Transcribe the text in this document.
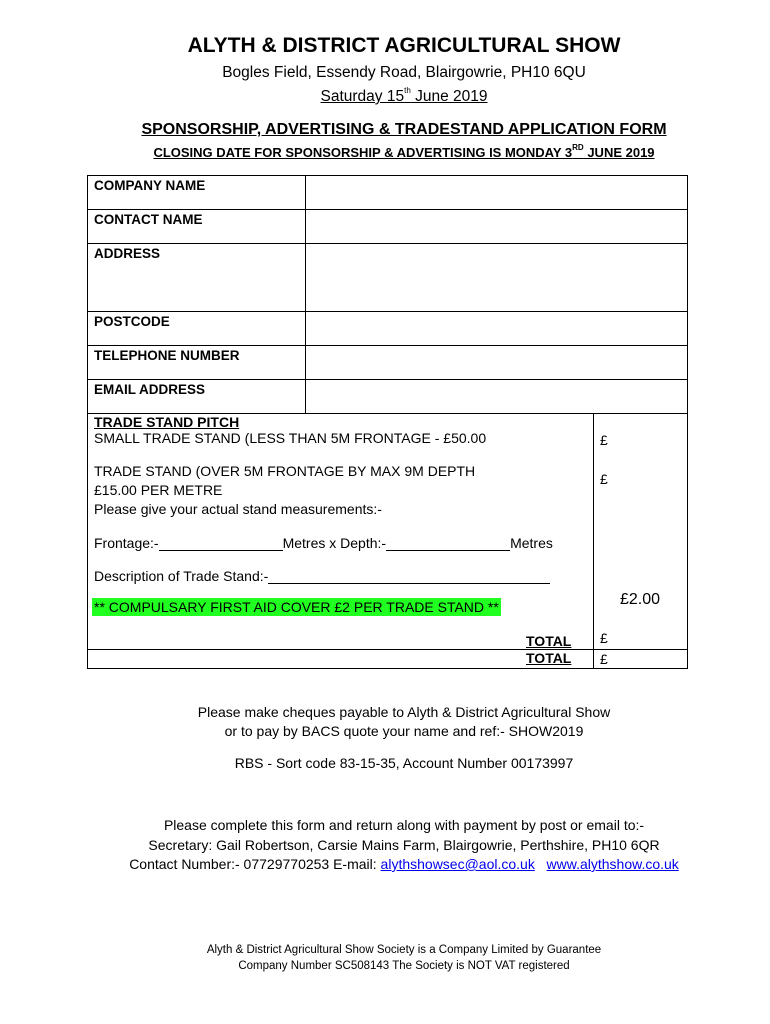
ALYTH & DISTRICT AGRICULTURAL SHOW
Bogles Field, Essendy Road, Blairgowrie, PH10 6QU
Saturday 15th June 2019
SPONSORSHIP, ADVERTISING & TRADESTAND APPLICATION FORM
CLOSING DATE FOR SPONSORSHIP & ADVERTISING IS MONDAY 3RD JUNE 2019
COMPANY NAME	
CONTACT NAME	
ADDRESS	
POSTCODE	
TELEPHONE NUMBER	
EMAIL ADDRESS	
TRADE STAND PITCH
SMALL TRADE STAND (LESS THAN 5M FRONTAGE - £50.00	£
TRADE STAND (OVER 5M FRONTAGE BY MAX 9M DEPTH
£15.00 PER METRE
£
Please give your actual stand measurements:-
Frontage:-	Metres x Depth:-	Metres
Description of Trade Stand:-
** COMPULSARY FIRST AID COVER £2 PER TRADE STAND **	£2.00
TOTAL £
TOTAL £
Please make cheques payable to Alyth & District Agricultural Show
or to pay by BACS quote your name and ref:- SHOW2019
RBS - Sort code 83-15-35, Account Number 00173997
Please complete this form and return along with payment by post or email to:-
Secretary: Gail Robertson, Carsie Mains Farm, Blairgowrie, Perthshire, PH10 6QR
Contact Number:- 07729770253 E-mail: alythshowsec@aol.co.uk www.alythshow.co.uk
Alyth & District Agricultural Show Society is a Company Limited by Guarantee
Company Number SC508143 The Society is NOT VAT registered
